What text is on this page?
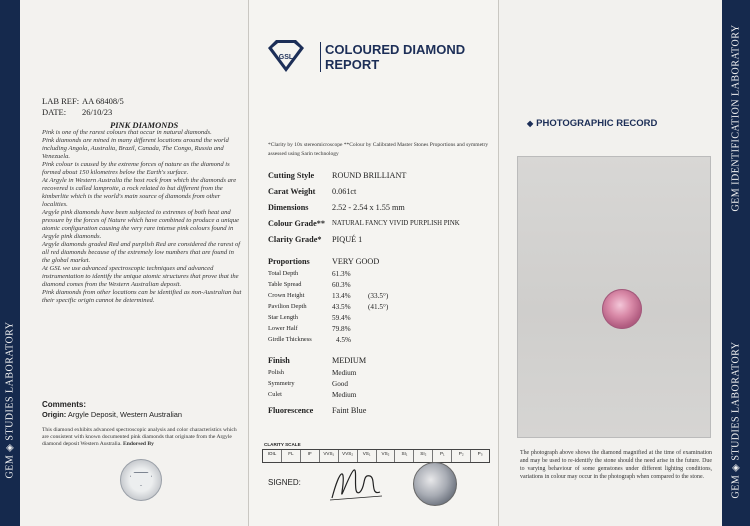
GEM ◈ STUDIES LABORATORY
LAB REF: AA 68408/5
DATE: 26/10/23
PINK DIAMONDS

Pink is one of the rarest colours that occur in natural diamonds.

Pink diamonds are mined in many different locations around the world including Angola, Australia, Brazil, Canada, The Congo, Russia and Venezuela.

Pink colour is caused by the extreme forces of nature as the diamond is formed about 150 kilometres below the Earth's surface.

At Argyle in Western Australia the host rock from which the diamonds are recovered is called lamproite, a rock related to but different from the kimberlite which is the world's main source of diamonds from other localities.

Argyle pink diamonds have been subjected to extremes of both heat and pressure by the forces of Nature which have combined to produce a unique atomic configuration causing the very rare intense pink colours found in Argyle pink diamonds.

Argyle diamonds graded Red and purplish Red are considered the rarest of all red diamonds because of the extremely low numbers that are found in the global market.

At GSL we use advanced spectroscopic techniques and advanced instrumentation to identify the unique atomic structures that prove that the diamond comes from the Western Australian deposit.

Pink diamonds from other locations can be identified as non-Australian but their specific origin cannot be determined.

Comments:
Origin: Argyle Deposit, Western Australian
This diamond exhibits advanced spectroscopic analysis and color characteristics which are consistent with known documented pink diamonds that originate from the Argyle diamond deposit Western Australia. Endorsed By
GSL
COLOURED DIAMOND
REPORT
*Clarity by 10x stereomicroscope **Colour by Calibrated Master Stones Proportions and symmetry assessed using Sarin technology
Cutting Style ROUND BRILLIANT
Carat Weight 0.061ct
Dimensions	2.52 - 2.54 x 1.55 mm
Colour Grade** NATURAL FANCY VIVID PURPLISH PINK
Clarity Grade* PIQUÉ 1
Proportions	VERY GOOD
Total Depth	61.3%
Table Spread	60.3%
Crown Height	13.4% (33.5°)
Pavilion Depth	43.5% (41.5°)
Star Length	59.4%
Lower Half	79.8%
Girdle Thickness	4.5%
Finish	MEDIUM
Polish	Medium
Symmetry	Good
Culet	Medium
Fluorescence Faint Blue
CLARITY SCALE
IOIL	FL	IF	VVS₁	VVS₂	VS₁	VS₂	SI₁	SI₂	P₁	P₂	P₃
SIGNED:
◆ PHOTOGRAPHIC RECORD
The photograph above shows the diamond magnified at the time of examination and may be used to re-identify the stone should the need arise in the future. Due to varying behaviour of some gemstones under different lighting conditions, variations in colour may occur in the photograph when compared to the stone.
GEM IDENTIFICATION LABORATORY
GEM ◈ STUDIES LABORATORY
